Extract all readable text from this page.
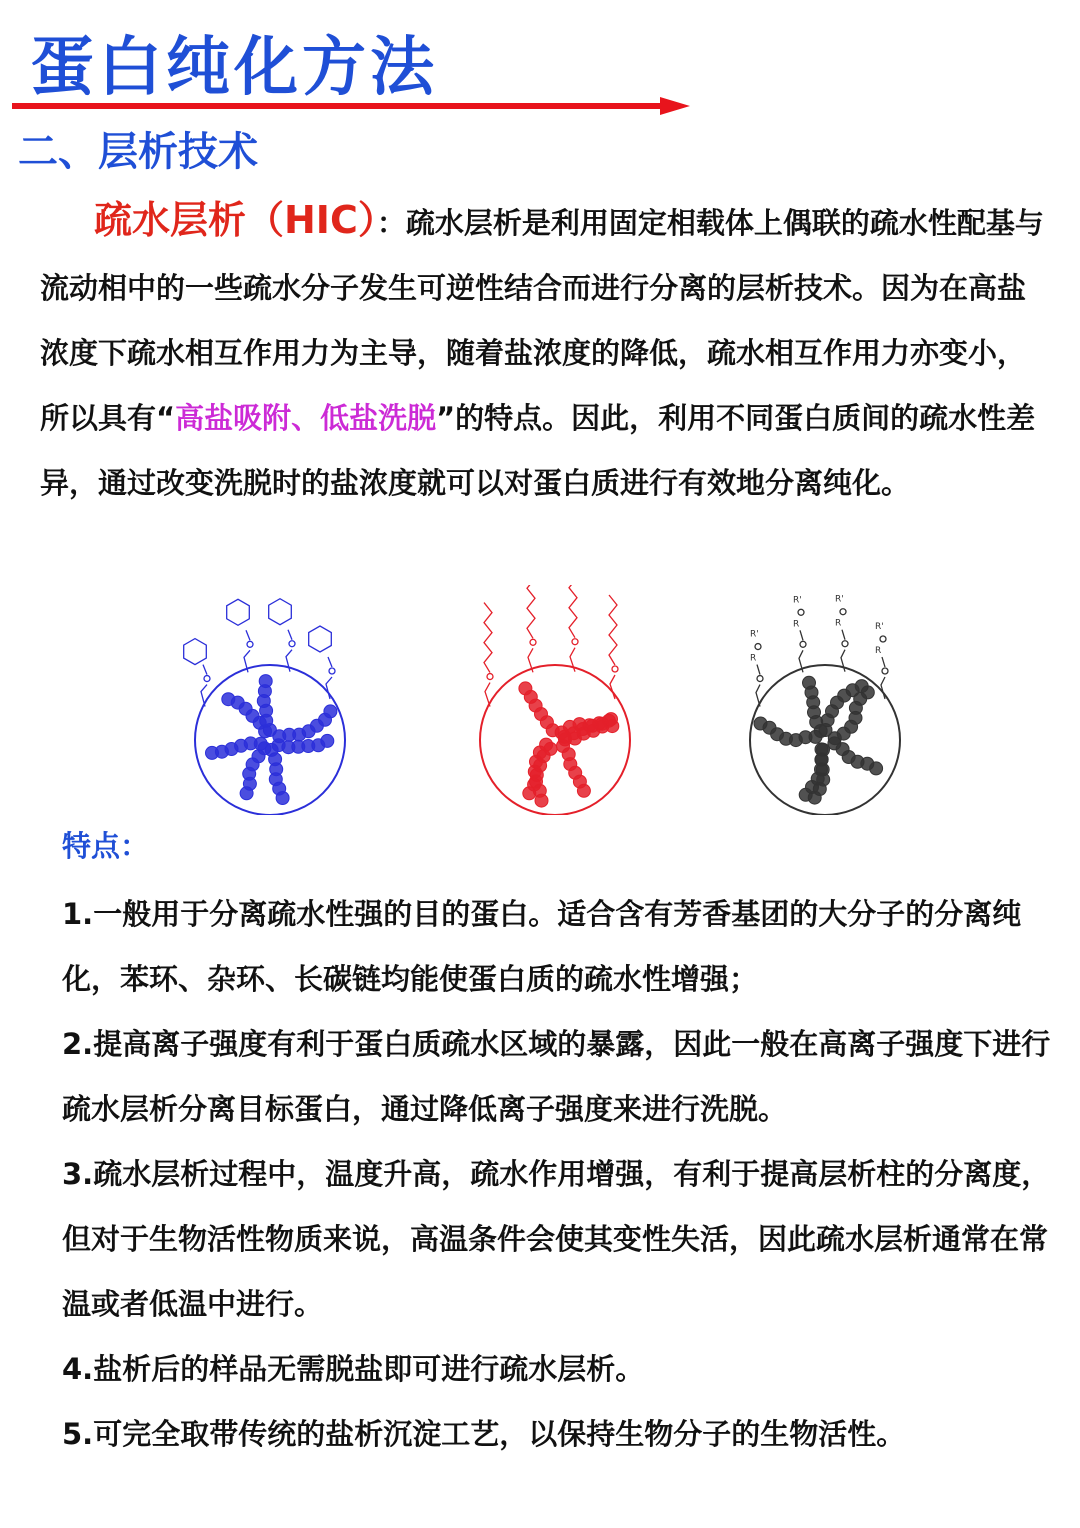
蛋白纯化方法
二、层析技术

疏水层析（HIC）：疏水层析是利用固定相载体上偶联的疏水性配基与流动相中的一些疏水分子发生可逆性结合而进行分离的层析技术。因为在高盐浓度下疏水相互作用力为主导，随着盐浓度的降低，疏水相互作用力亦变小，所以具有“高盐吸附、低盐洗脱”的特点。因此，利用不同蛋白质间的疏水性差异，通过改变洗脱时的盐浓度就可以对蛋白质进行有效地分离纯化。

R
R'
R
R'
R
R'
R
R'
特点：
1.一般用于分离疏水性强的目的蛋白。适合含有芳香基团的大分子的分离纯化，苯环、杂环、长碳链均能使蛋白质的疏水性增强；
2.提高离子强度有利于蛋白质疏水区域的暴露，因此一般在高离子强度下进行疏水层析分离目标蛋白，通过降低离子强度来进行洗脱。
3.疏水层析过程中，温度升高，疏水作用增强，有利于提高层析柱的分离度，但对于生物活性物质来说，高温条件会使其变性失活，因此疏水层析通常在常温或者低温中进行。
4.盐析后的样品无需脱盐即可进行疏水层析。
5.可完全取带传统的盐析沉淀工艺，以保持生物分子的生物活性。
